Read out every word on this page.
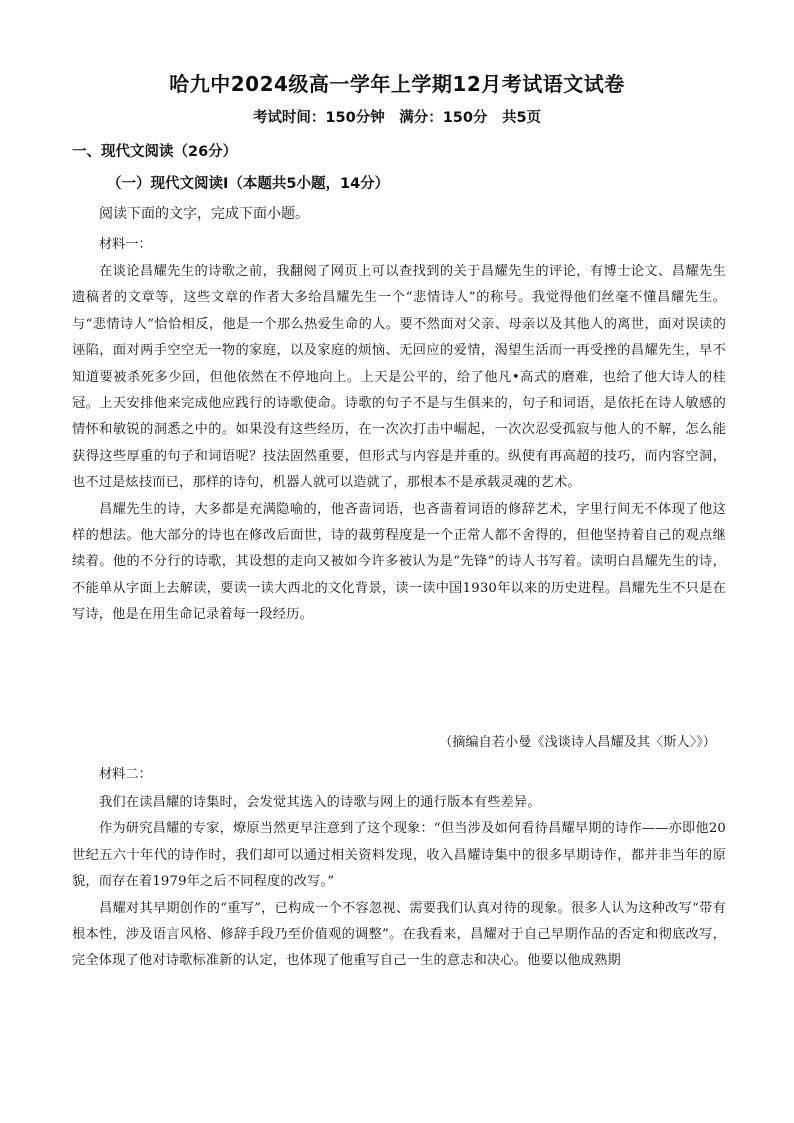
哈九中2024级高一学年上学期12月考试语文试卷
考试时间：150分钟　满分：150分　共5页
一、现代文阅读（26分）
（一）现代文阅读Ⅰ（本题共5小题，14分）
阅读下面的文字，完成下面小题。
材料一：

在谈论昌耀先生的诗歌之前，我翻阅了网页上可以查找到的关于昌耀先生的评论，有博士论文、昌耀先生遗稿者的文章等，这些文章的作者大多给昌耀先生一个“悲情诗人”的称号。我觉得他们丝毫不懂昌耀先生。与“悲情诗人”恰恰相反，他是一个那么热爱生命的人。要不然面对父亲、母亲以及其他人的离世，面对误读的诬陷，面对两手空空无一物的家庭，以及家庭的烦恼、无回应的爱情，渴望生活而一再受挫的昌耀先生，早不知道要被杀死多少回，但他依然在不停地向上。上天是公平的，给了他凡•高式的磨难，也给了他大诗人的桂冠。上天安排他来完成他应践行的诗歌使命。诗歌的句子不是与生俱来的，句子和词语，是依托在诗人敏感的情怀和敏锐的洞悉之中的。如果没有这些经历，在一次次打击中崛起，一次次忍受孤寂与他人的不解，怎么能获得这些厚重的句子和词语呢？技法固然重要，但形式与内容是并重的。纵使有再高超的技巧，而内容空洞，也不过是炫技而已，那样的诗句，机器人就可以造就了，那根本不是承载灵魂的艺术。

昌耀先生的诗，大多都是充满隐喻的，他吝啬词语，也吝啬着词语的修辞艺术，字里行间无不体现了他这样的想法。他大部分的诗也在修改后面世，诗的裁剪程度是一个正常人都不舍得的，但他坚持着自己的观点继续着。他的不分行的诗歌，其设想的走向又被如今许多被认为是“先锋”的诗人书写着。读明白昌耀先生的诗，不能单从字面上去解读，要读一读大西北的文化背景，读一读中国1930年以来的历史进程。昌耀先生不只是在写诗，他是在用生命记录着每一段经历。

（摘编自若小曼《浅谈诗人昌耀及其〈斯人〉》）
材料二：

我们在读昌耀的诗集时，会发觉其选入的诗歌与网上的通行版本有些差异。

作为研究昌耀的专家，燎原当然更早注意到了这个现象：“但当涉及如何看待昌耀早期的诗作——亦即他20世纪五六十年代的诗作时，我们却可以通过相关资料发现，收入昌耀诗集中的很多早期诗作，都并非当年的原貌，而存在着1979年之后不同程度的改写。”

昌耀对其早期创作的“重写”，已构成一个不容忽视、需要我们认真对待的现象。很多人认为这种改写“带有根本性，涉及语言风格、修辞手段乃至价值观的调整”。在我看来，昌耀对于自己早期作品的否定和彻底改写，完全体现了他对诗歌标准新的认定，也体现了他重写自己一生的意志和决心。他要以他成熟期
